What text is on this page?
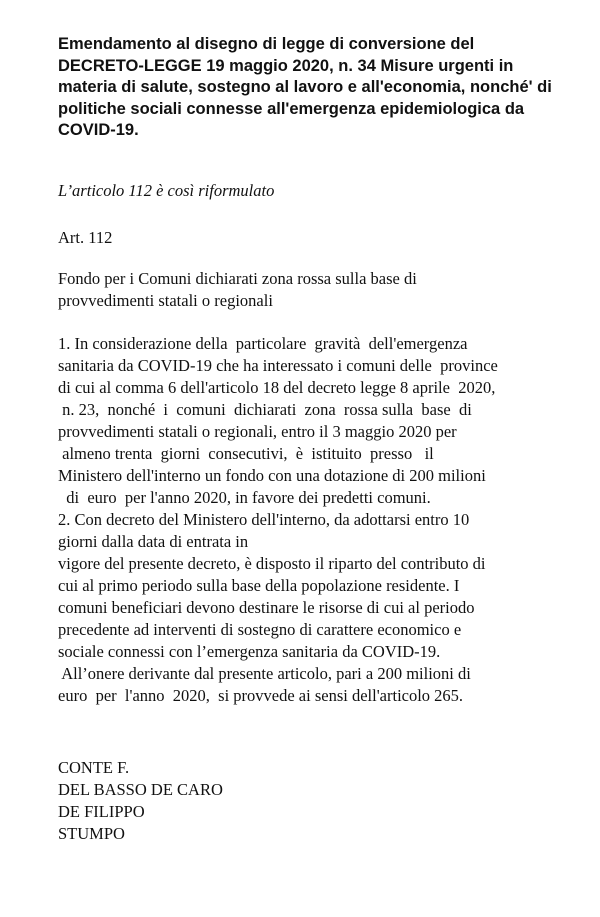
Emendamento al disegno di legge di conversione del
DECRETO-LEGGE 19 maggio 2020, n. 34 Misure urgenti in
materia di salute, sostegno al lavoro e all'economia, nonché' di
politiche sociali connesse all'emergenza epidemiologica da
COVID-19.

L’articolo 112 è così riformulato

Art. 112

Fondo per i Comuni dichiarati zona rossa sulla base di
provvedimenti statali o regionali

1. In considerazione della  particolare  gravità  dell'emergenza
sanitaria da COVID-19 che ha interessato i comuni delle  province
di cui al comma 6 dell'articolo 18 del decreto legge 8 aprile  2020,
n. 23,  nonché  i  comuni  dichiarati  zona  rossa sulla  base  di
provvedimenti statali o regionali, entro il 3 maggio 2020 per
almeno trenta  giorni  consecutivi,  è  istituito  presso   il
Ministero dell'interno un fondo con una dotazione di 200 milioni
di  euro  per l'anno 2020, in favore dei predetti comuni.
2. Con decreto del Ministero dell'interno, da adottarsi entro 10
giorni dalla data di entrata in
vigore del presente decreto, è disposto il riparto del contributo di
cui al primo periodo sulla base della popolazione residente. I
comuni beneficiari devono destinare le risorse di cui al periodo
precedente ad interventi di sostegno di carattere economico e
sociale connessi con l’emergenza sanitaria da COVID-19.
All’onere derivante dal presente articolo, pari a 200 milioni di
euro  per  l'anno  2020,  si provvede ai sensi dell'articolo 265.
CONTE F.
DEL BASSO DE CARO
DE FILIPPO
STUMPO
